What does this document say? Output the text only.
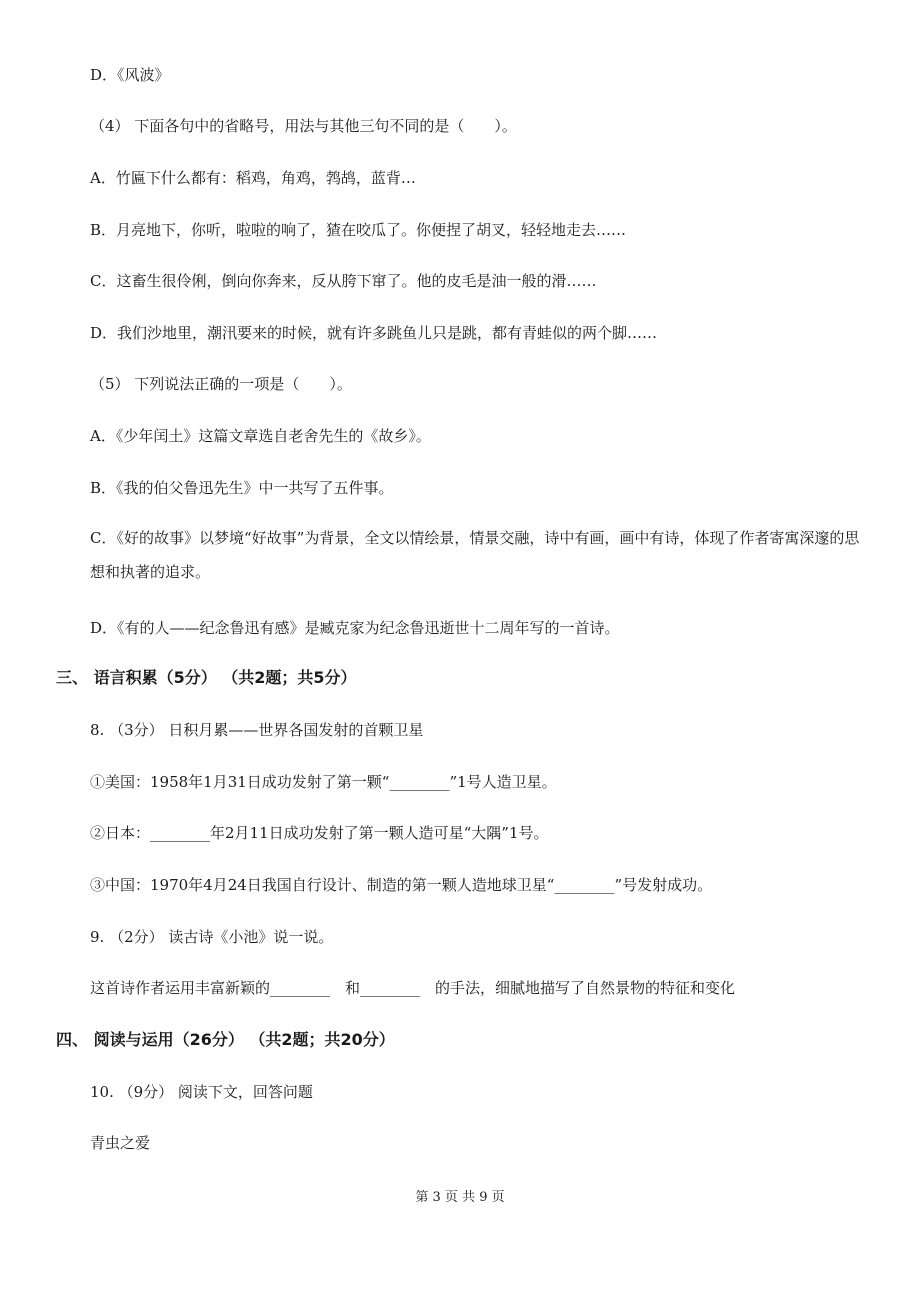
D．《风波》
（4） 下面各句中的省略号，用法与其他三句不同的是（　　）。
A．竹匾下什么都有：稻鸡，角鸡，鹁鸪，蓝背…
B．月亮地下，你听，啦啦的响了，猹在咬瓜了。你便捏了胡叉，轻轻地走去……
C．这畜生很伶俐，倒向你奔来，反从胯下窜了。他的皮毛是油一般的滑……
D．我们沙地里，潮汛要来的时候，就有许多跳鱼儿只是跳，都有青蛙似的两个脚……
（5） 下列说法正确的一项是（　　）。
A．《少年闰土》这篇文章选自老舍先生的《故乡》。
B．《我的伯父鲁迅先生》中一共写了五件事。
C．《好的故事》以梦境“好故事”为背景，全文以情绘景，情景交融，诗中有画，画中有诗，体现了作者寄寓深邃的思想和执著的追求。
D．《有的人——纪念鲁迅有感》是臧克家为纪念鲁迅逝世十二周年写的一首诗。
三、 语言积累（5分） （共2题；共5分）
8. （3分） 日积月累——世界各国发射的首颗卫星
①美国：1958年1月31日成功发射了第一颗“________”1号人造卫星。
②日本：________年2月11日成功发射了第一颗人造可星“大隅”1号。
③中国：1970年4月24日我国自行设计、制造的第一颗人造地球卫星“________”号发射成功。
9. （2分） 读古诗《小池》说一说。
这首诗作者运用丰富新颖的________　和________　的手法，细腻地描写了自然景物的特征和变化
四、 阅读与运用（26分） （共2题；共20分）
10. （9分） 阅读下文，回答问题
青虫之爱
第 3 页 共 9 页
